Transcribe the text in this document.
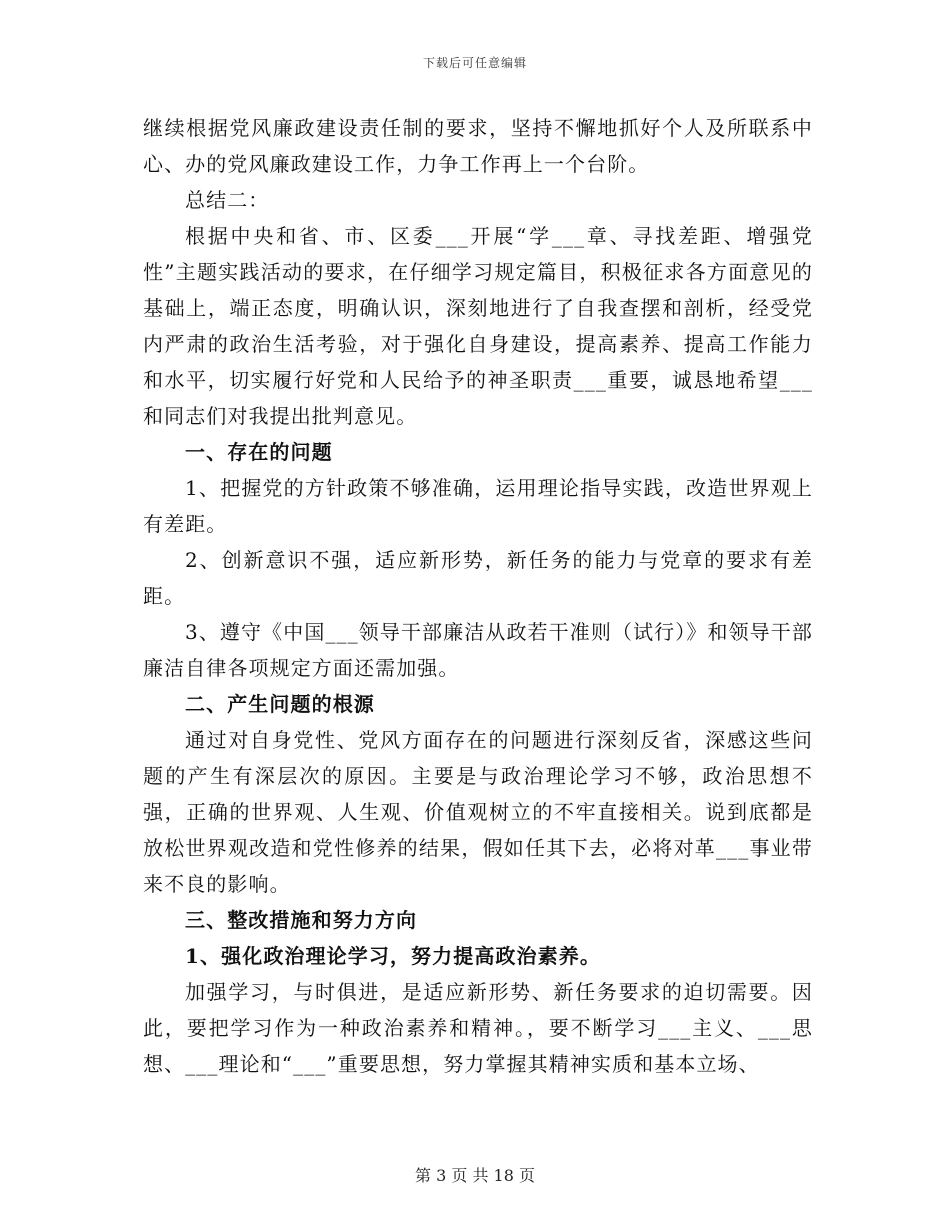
下载后可任意编辑

继续根据党风廉政建设责任制的要求，坚持不懈地抓好个人及所联系中心、办的党风廉政建设工作，力争工作再上一个台阶。

总结二：

根据中央和省、市、区委___开展“学___章、寻找差距、增强党性”主题实践活动的要求，在仔细学习规定篇目，积极征求各方面意见的基础上，端正态度，明确认识，深刻地进行了自我查摆和剖析，经受党内严肃的政治生活考验，对于强化自身建设，提高素养、提高工作能力和水平，切实履行好党和人民给予的神圣职责___重要，诚恳地希望___和同志们对我提出批判意见。

一、存在的问题

1、把握党的方针政策不够准确，运用理论指导实践，改造世界观上有差距。

2、创新意识不强，适应新形势，新任务的能力与党章的要求有差距。

3、遵守《中国___领导干部廉洁从政若干准则（试行）》和领导干部廉洁自律各项规定方面还需加强。

二、产生问题的根源

通过对自身党性、党风方面存在的问题进行深刻反省，深感这些问题的产生有深层次的原因。主要是与政治理论学习不够，政治思想不强，正确的世界观、人生观、价值观树立的不牢直接相关。说到底都是放松世界观改造和党性修养的结果，假如任其下去，必将对革___事业带来不良的影响。

三、整改措施和努力方向

1、强化政治理论学习，努力提高政治素养。

加强学习，与时俱进，是适应新形势、新任务要求的迫切需要。因此，要把学习作为一种政治素养和精神。，要不断学习___主义、___思想、___理论和“___”重要思想，努力掌握其精神实质和基本立场、

第 3 页 共 18 页
